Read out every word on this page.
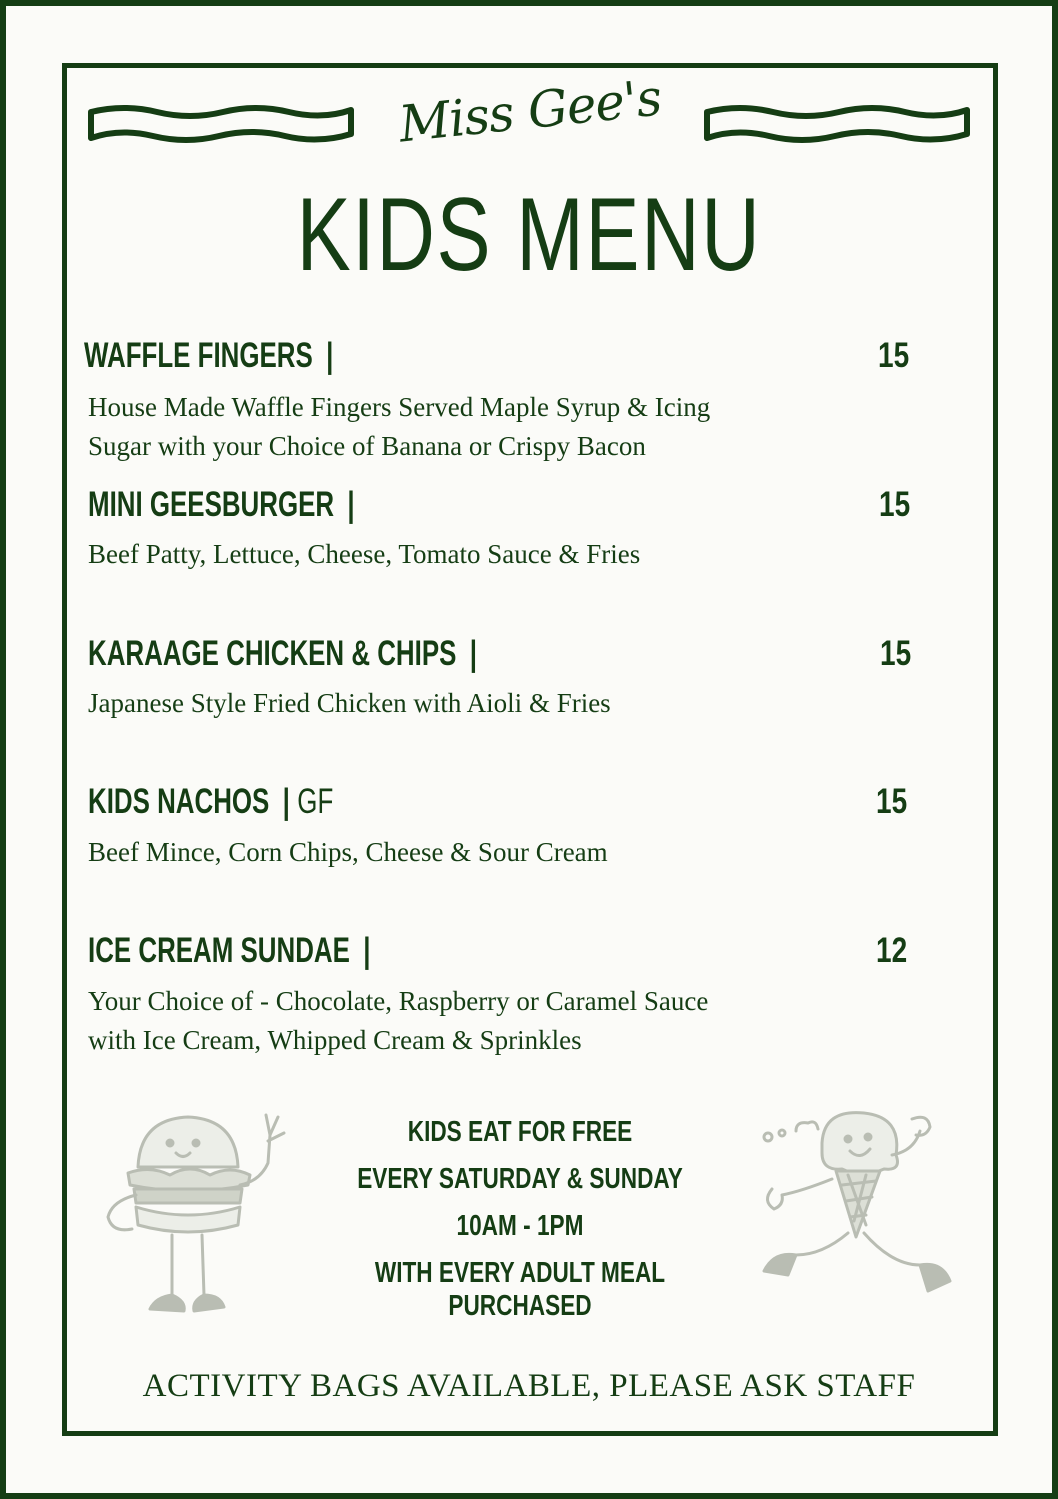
Miss Gee's
KIDS MENU
WAFFLE FINGERS |	15
House Made Waffle Fingers Served Maple Syrup & Icing
Sugar with your Choice of Banana or Crispy Bacon
MINI GEESBURGER |	15
Beef Patty, Lettuce, Cheese, Tomato Sauce & Fries
KARAAGE CHICKEN & CHIPS |	15
Japanese Style Fried Chicken with Aioli & Fries
KIDS NACHOS | GF	15
Beef Mince, Corn Chips, Cheese & Sour Cream
ICE CREAM SUNDAE |	12
Your Choice of - Chocolate, Raspberry or Caramel Sauce
with Ice Cream, Whipped Cream & Sprinkles
KIDS EAT FOR FREE
EVERY SATURDAY & SUNDAY
10AM - 1PM
WITH EVERY ADULT MEAL PURCHASED
ACTIVITY BAGS AVAILABLE, PLEASE ASK STAFF
